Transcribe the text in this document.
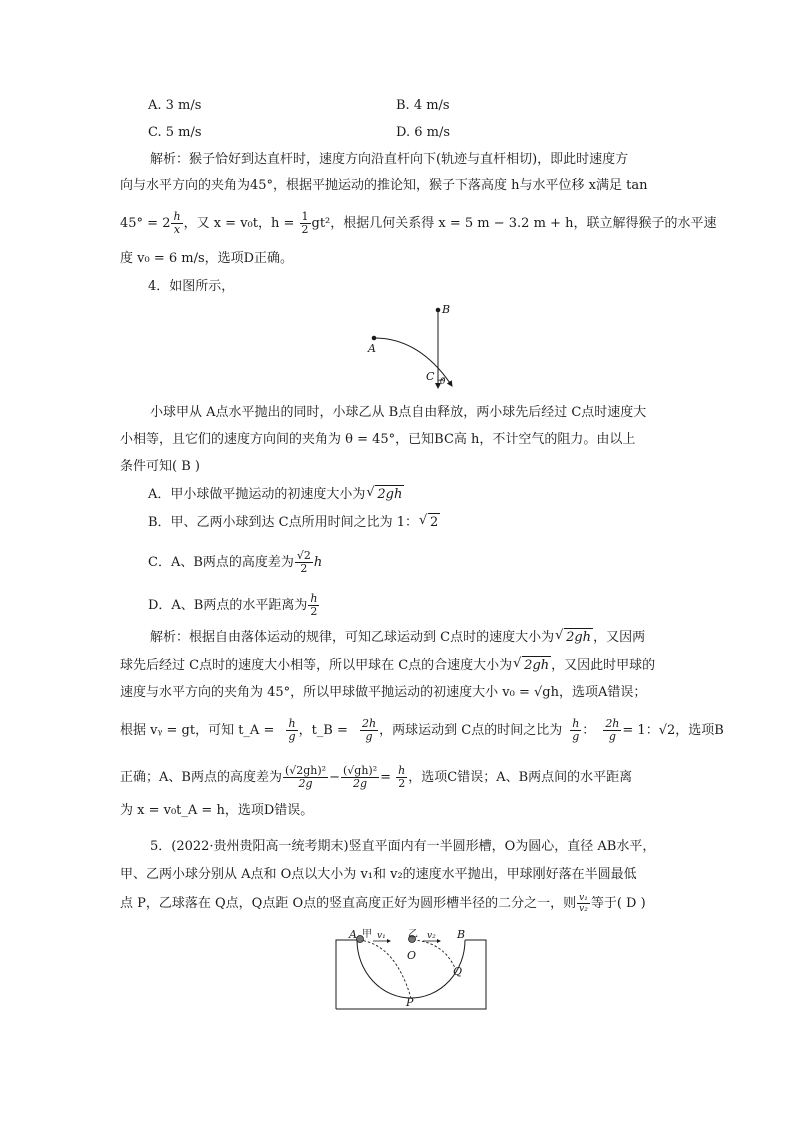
A. 3 m/s	B. 4 m/s
C. 5 m/s	D. 6 m/s
解析：猴子恰好到达直杆时，速度方向沿直杆向下(轨迹与直杆相切)，即此时速度方
向与水平方向的夹角为45°，根据平抛运动的推论知，猴子下落高度 h与水平位移 x满足 tan
$45^\circ = 2 \frac{h}{x}$ ，又 x = v₀t，$h = \frac{1}{2} gt^2$，根据几何关系得 x = 5 m − 3.2 m + h，联立解得猴子的水平速
度 v₀ = 6 m/s，选项D正确。
4．如图所示，
A
B
C θ
小球甲从 A点水平抛出的同时，小球乙从 B点自由释放，两小球先后经过 C点时速度大
小相等，且它们的速度方向间的夹角为 θ = 45°，已知BC高 h，不计空气的阻力。由以上
条件可知( B )
A．甲小球做平抛运动的初速度大小为 √ 2gh
B．甲、乙两小球到达 C点所用时间之比为 1： √ 2
C．A、B两点的高度差为 $\frac{√2}{2}$ h
D．A、B两点的水平距离为 $\frac{h}{2}$
解析：根据自由落体运动的规律，可知乙球运动到 C点时的速度大小为 √ 2gh ，又因两
球先后经过 C点时的速度大小相等，所以甲球在 C点的合速度大小为 √ 2gh ，又因此时甲球的
速度与水平方向的夹角为 45°，所以甲球做平抛运动的初速度大小 v₀ = √gh，选项A错误；
根据 vᵧ = gt，可知 t_A = $\frac{h}{g}$ ，t_B = $\frac{2h}{g}$ ，两球运动到 C点的时间之比为 $\frac{h}{g}$ ： $\frac{2h}{g} = 1$：√2，选项B
正确；A、B两点的高度差为 $\frac{\text{(√2gh)²}}{2g} - \frac{\text{(√gh)²}}{2g} = \frac{h}{2}$ ，选项C错误；A、B两点间的水平距离
为 x = v₀t_A = h，选项D错误。
5．(2022·贵州贵阳高一统考期末)竖直平面内有一半圆形槽，O为圆心，直径 AB水平，
甲、乙两小球分别从 A点和 O点以大小为 v₁和 v₂的速度水平抛出，甲球刚好落在半圆最低
点 P，乙球落在 Q点，Q点距 O点的竖直高度正好为圆形槽半径的二分之一，则 $\frac{\text{v₁}}{\text{v₂}}$ 等于( D )
A 甲 v₁ 乙 v₂ B
O
Q
P
